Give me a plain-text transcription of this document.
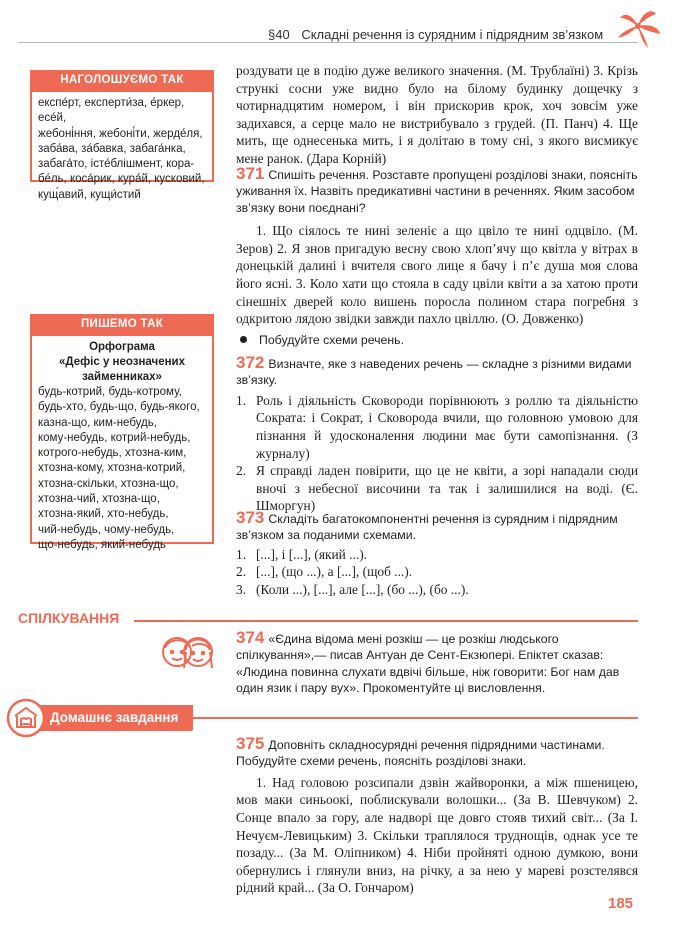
§40 Складні речення із сурядним і підрядним зв’язком
НАГОЛОШУЄМО ТАК
експе́рт, експерти́за, е́ркер, есе́й,
жебоні́ння, жебоні́ти, жерде́ля,
заба́ва, за́бавка, забага́нка,
забага́то, істе́блішмент, кора-
бе́ль, коса́рик, кура́й, кусковий,
кущ́авий, кущи́стий
ПИШЕМО ТАК
Орфограма
«Дефіс у неозначених займенниках»
будь-котрий, будь-котрому,
будь-хто, будь-що, будь-якого,
казна-що, ким-небудь,
кому-небудь, котрий-небудь,
котрого-небудь, хтозна-ким,
хтозна-кому, хтозна-котрий,
хтозна-скільки, хтозна-що,
хтозна-чий, хтозна-що,
хтозна-який, хто-небудь,
чий-небудь, чому-небудь,
що-небудь, який-небудь

роздувати це в подію дуже великого значення. (М. Трублаїні) 3. Крізь стрункі сосни уже видно було на білому будинку дощечку з чотирнадцятим номером, і він прискорив крок, хоч зовсім уже задихався, а серце мало не вистрибувало з грудей. (П. Панч) 4. Ще мить, ще однесенька мить, і я долітаю в тому сні, з якого висмикує мене ранок. (Дара Корній)

371 Спишіть речення. Розставте пропущені розділові знаки, поясніть уживання їх. Назвіть предикативні частини в реченнях. Яким засобом зв’язку вони поєднані?

1. Що сіялось те нині зеленіє а що цвіло те нині одцвіло. (М. Зеров) 2. Я знов пригадую весну свою хлоп’ячу що квітла у вітрах в донецькій далині і вчителя свого лице я бачу і п’є душа моя слова його ясні. 3. Коло хати що стояла в саду цвіли квіти а за хатою проти сінешніх дверей коло вишень поросла полином стара погребня з одкритою лядою звідки завжди пахло цвіллю. (О. Довженко)

Побудуйте схеми речень.

372 Визначте, яке з наведених речень — складне з різними видами зв’язку.

1. Роль і діяльність Сковороди порівнюють з роллю та діяльністю Сократа: і Сократ, і Сковорода вчили, що головною умовою для пізнання й удосконалення людини має бути самопізнання. (З журналу)
2. Я справді ладен повірити, що це не квіти, а зорі нападали сюди вночі з небесної височини та так і залишилися на воді. (Є. Шморгун)

373 Складіть багатокомпонентні речення із сурядним і підрядним зв’язком за поданими схемами.

1. [...], і [...], (який ...).
2. [...], (що ...), а [...], (щоб ...).
3. (Коли ...), [...], але [...], (бо ...), (бо ...).
СПІЛКУВАННЯ

374 «Єдина відома мені розкіш — це розкіш людського спілкування»,— писав Антуан де Сент-Екзюпері. Епіктет сказав: «Людина повинна слухати вдвічі більше, ніж говорити: Бог нам дав один язик і пару вух». Прокоментуйте ці висловлення.

Домашнє завдання

375 Доповніть складносурядні речення підрядними частинами. Побудуйте схеми речень, поясніть розділові знаки.

1. Над головою розсипали дзвін жайворонки, а між пшеницею, мов маки синьоокі, поблискували волошки... (За В. Шевчуком) 2. Сонце впало за гору, але надворі ще довго стояв тихий світ... (За І. Нечуєм-Левицьким) 3. Скільки траплялося труднощів, однак усе те позаду... (За М. Оліпником) 4. Ніби пройняті одною думкою, вони обернулись і глянули вниз, на річку, а за нею у мареві розстелявся рідний край... (За О. Гончаром)

185
